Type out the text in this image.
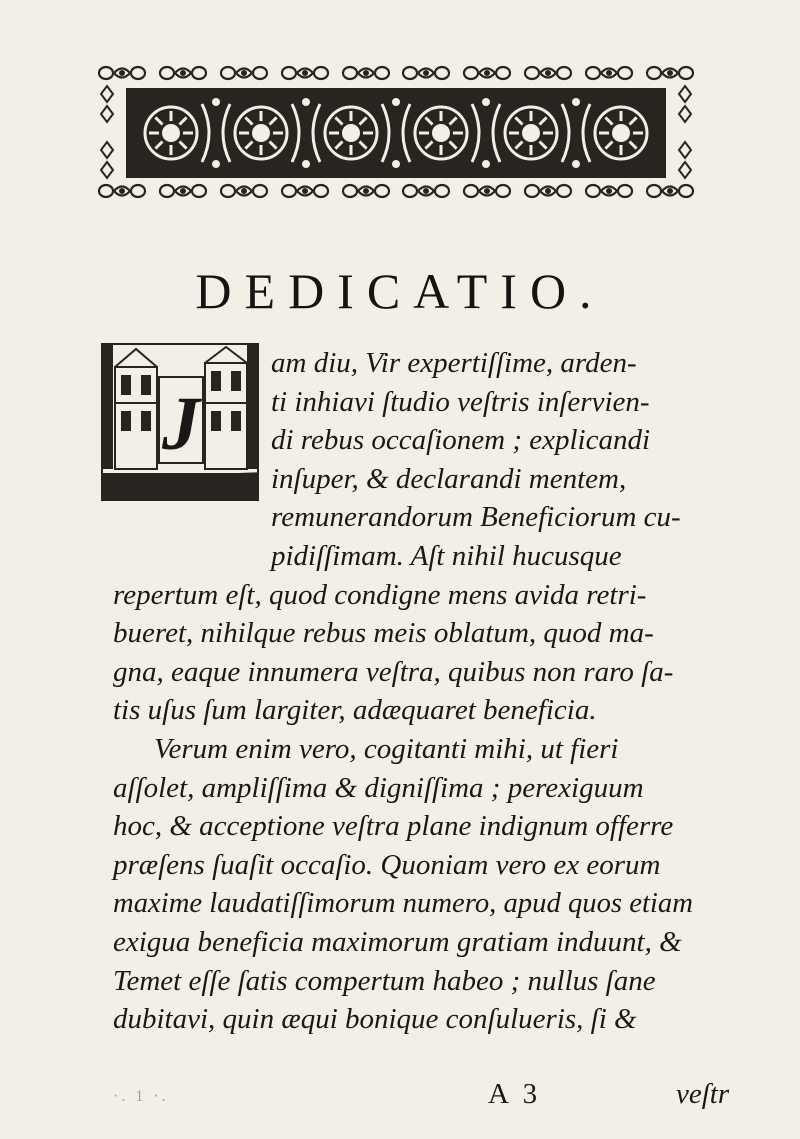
DEDICATIO.
J
am diu, Vir expertiſſime, arden-
ti inhiavi ſtudio veſtris inſervien-
di rebus occaſionem ; explicandi
inſuper, & declarandi mentem,
remunerandorum Beneficiorum cu-
pidiſſimam. Aſt nihil hucusque
repertum eſt, quod condigne mens avida retri-
bueret, nihilque rebus meis oblatum, quod ma-
gna, eaque innumera veſtra, quibus non raro ſa-
tis uſus ſum largiter, adæquaret beneficia.
Verum enim vero, cogitanti mihi, ut fieri
aſſolet, ampliſſima & digniſſima ; perexiguum
hoc, & acceptione veſtra plane indignum offerre
præſens ſuaſit occaſio. Quoniam vero ex eorum
maxime laudatiſſimorum numero, apud quos etiam
exigua beneficia maximorum gratiam induunt, &
Temet eſſe ſatis compertum habeo ; nullus ſane
dubitavi, quin æqui bonique conſulueris, ſi &
·. 1 ·.	A 3	veſtr
